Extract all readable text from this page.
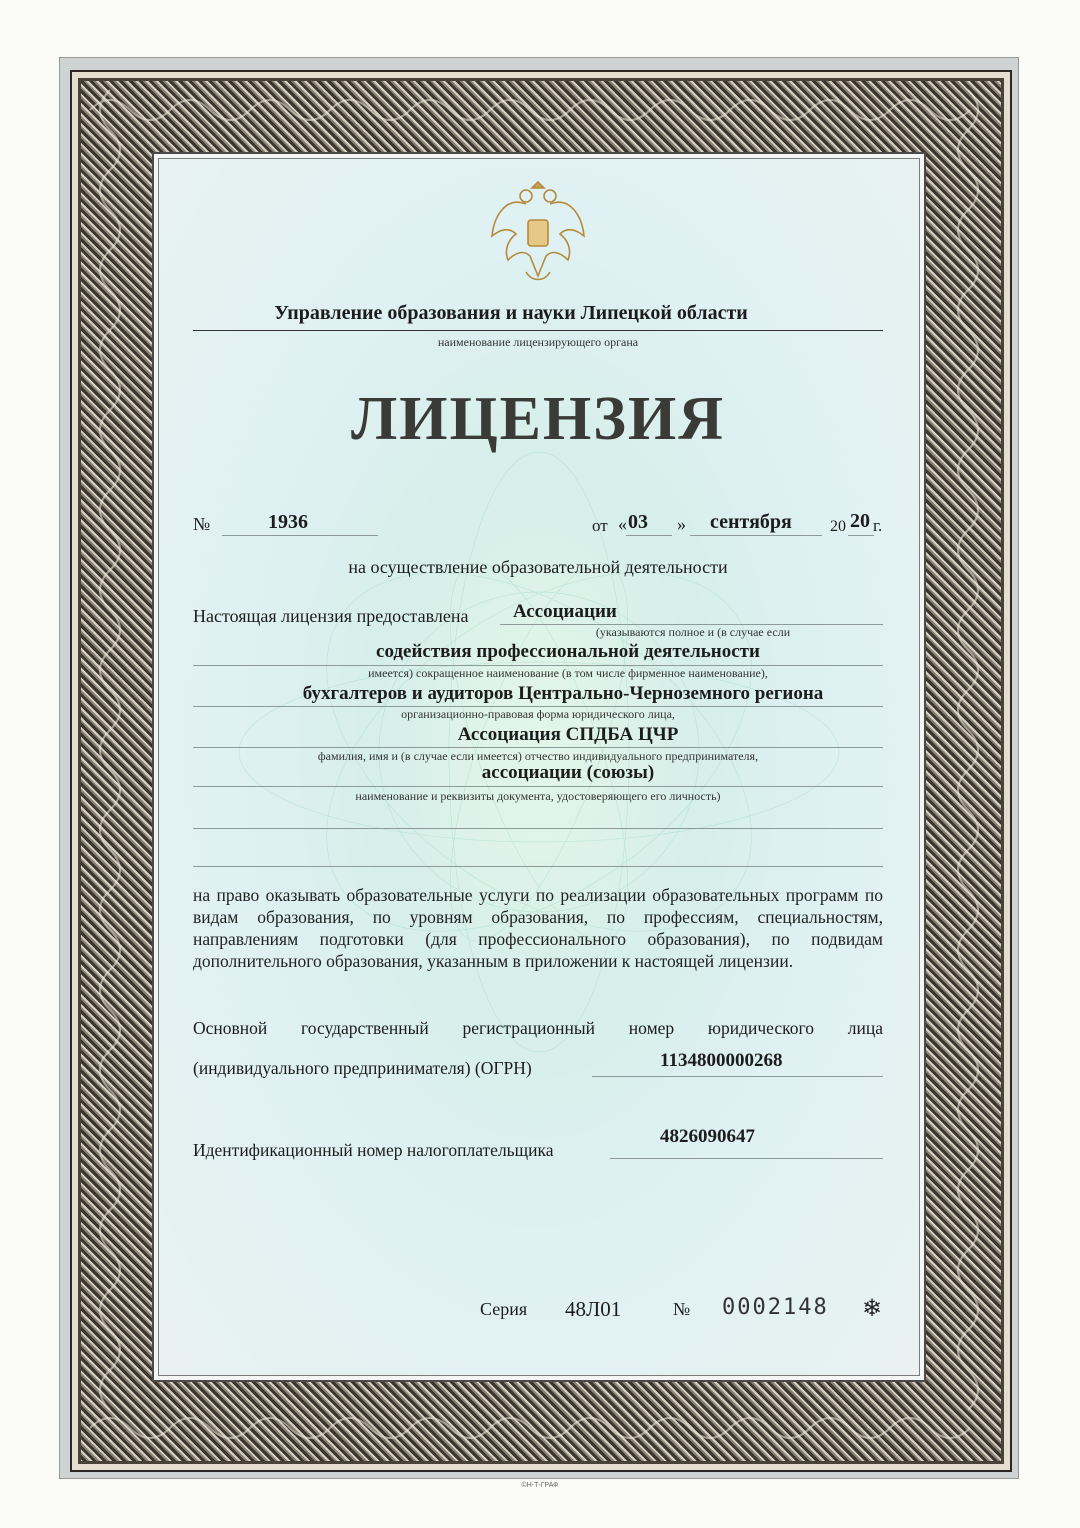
Управление образования и науки Липецкой области
наименование лицензирующего органа
ЛИЦЕНЗИЯ
№	1936	от « 03 » сентября 20 20 г.
на осуществление образовательной деятельности
Настоящая лицензия предоставлена Ассоциации
(указываются полное и (в случае если
содействия профессиональной деятельности
имеется) сокращенное наименование (в том числе фирменное наименование),
бухгалтеров и аудиторов Центрально-Черноземного региона
организационно-правовая форма юридического лица,
Ассоциация СПДБА ЦЧР
фамилия, имя и (в случае если имеется) отчество индивидуального предпринимателя,
ассоциации (союзы)
наименование и реквизиты документа, удостоверяющего его личность)
на право оказывать образовательные услуги по реализации образовательных программ по видам образования, по уровням образования, по профессиям, специальностям, направлениям подготовки (для профессионального образования), по подвидам дополнительного образования, указанным в приложении к настоящей лицензии.
Основной государственный регистрационный номер юридического лица
(индивидуального предпринимателя) (ОГРН)	1134800000268
4826090647
Идентификационный номер налогоплательщика
Серия 48Л01	№ 0002148 ❄
©Н-Т-ГРАФ
